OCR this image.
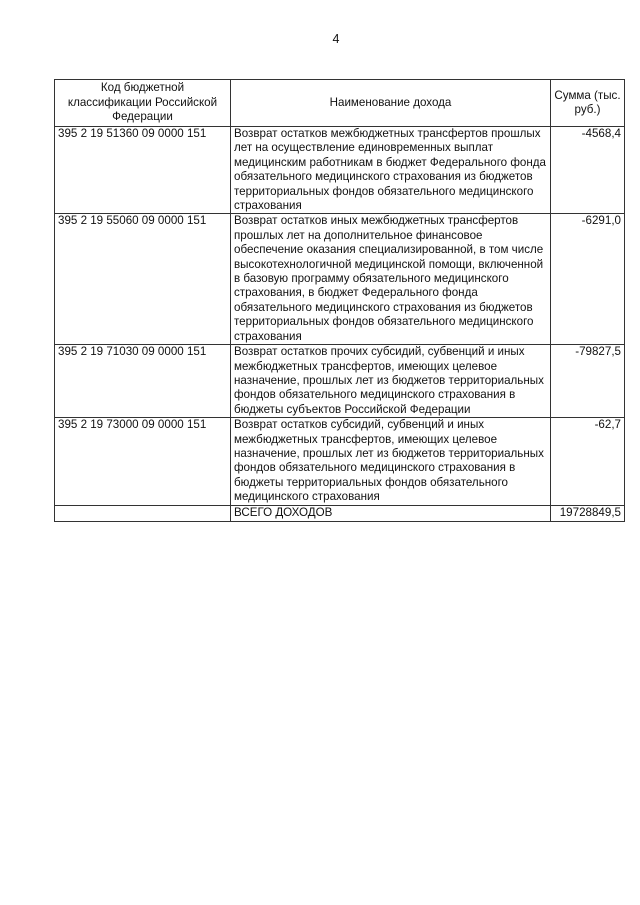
4
Код бюджетной классификации Российской Федерации	Наименование дохода	Сумма (тыс. руб.)
395 2 19 51360 09 0000 151	Возврат остатков межбюджетных трансфертов прошлых лет на осуществление единовременных выплат медицинским работникам в бюджет Федерального фонда обязательного медицинского страхования из бюджетов территориальных фондов обязательного медицинского страхования	-4568,4
395 2 19 55060 09 0000 151	Возврат остатков иных межбюджетных трансфертов прошлых лет на дополнительное финансовое обеспечение оказания специализированной, в том числе высокотехнологичной медицинской помощи, включенной в базовую программу обязательного медицинского страхования, в бюджет Федерального фонда обязательного медицинского страхования из бюджетов территориальных фондов обязательного медицинского страхования	-6291,0
395 2 19 71030 09 0000 151	Возврат остатков прочих субсидий, субвенций и иных межбюджетных трансфертов, имеющих целевое назначение, прошлых лет из бюджетов территориальных фондов обязательного медицинского страхования в бюджеты субъектов Российской Федерации	-79827,5
395 2 19 73000 09 0000 151	Возврат остатков субсидий, субвенций и иных межбюджетных трансфертов, имеющих целевое назначение, прошлых лет из бюджетов территориальных фондов обязательного медицинского страхования в бюджеты территориальных фондов обязательного медицинского страхования	-62,7
	ВСЕГО ДОХОДОВ	19728849,5
